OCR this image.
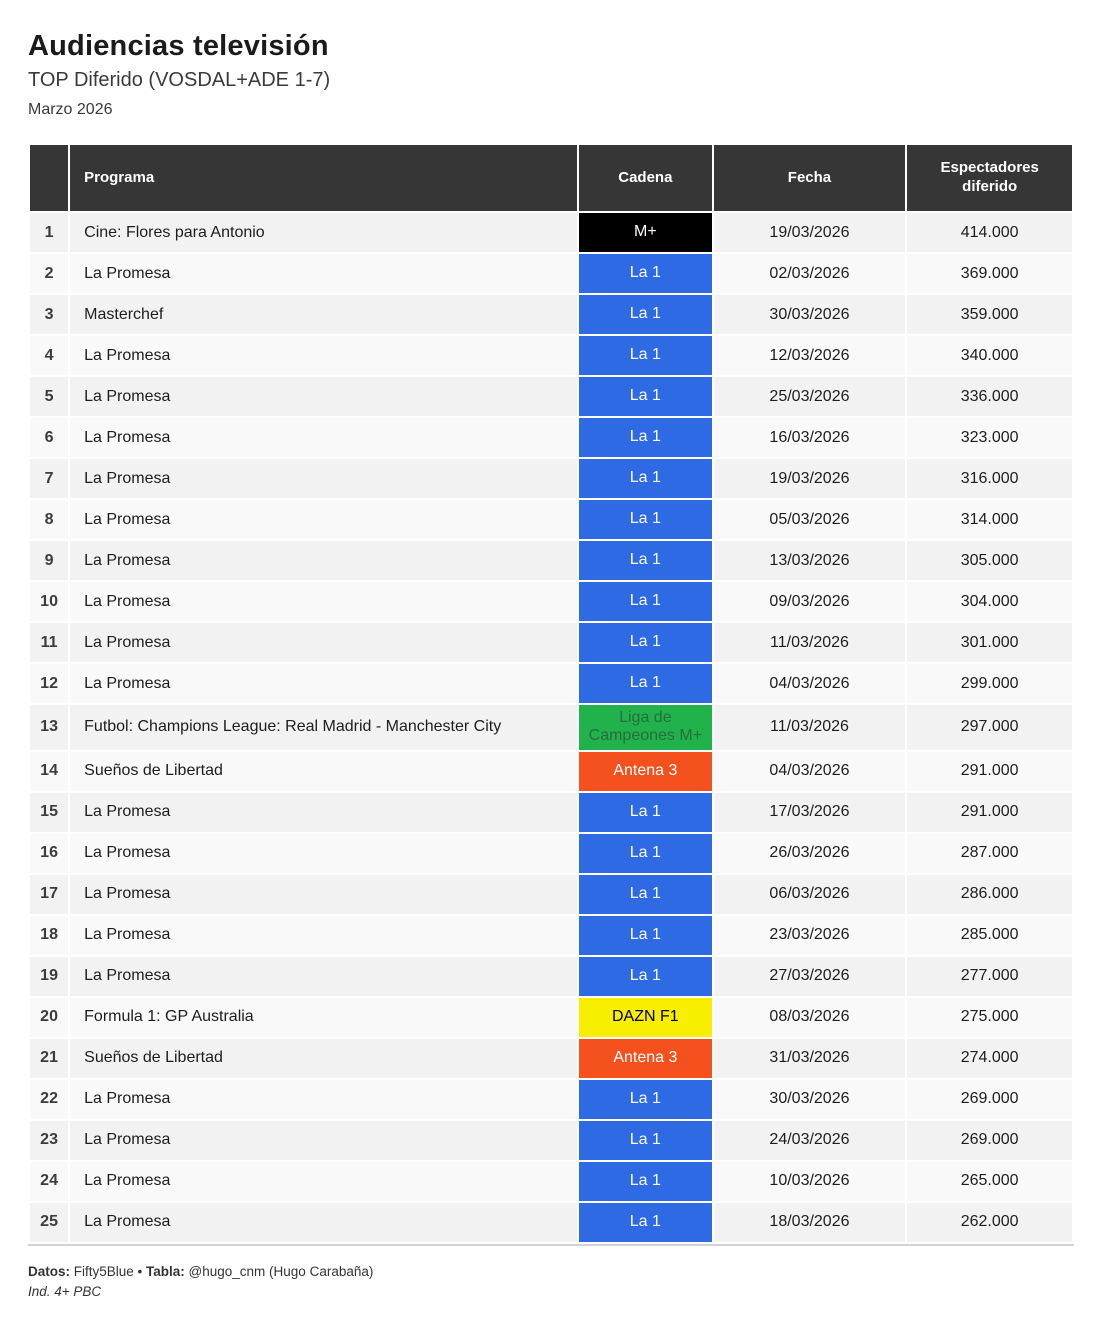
Audiencias televisión
TOP Diferido (VOSDAL+ADE 1-7)
Marzo 2026
	Programa	Cadena	Fecha	Espectadores diferido
1	Cine: Flores para Antonio	M+	19/03/2026	414.000
2	La Promesa	La 1	02/03/2026	369.000
3	Masterchef	La 1	30/03/2026	359.000
4	La Promesa	La 1	12/03/2026	340.000
5	La Promesa	La 1	25/03/2026	336.000
6	La Promesa	La 1	16/03/2026	323.000
7	La Promesa	La 1	19/03/2026	316.000
8	La Promesa	La 1	05/03/2026	314.000
9	La Promesa	La 1	13/03/2026	305.000
10	La Promesa	La 1	09/03/2026	304.000
11	La Promesa	La 1	11/03/2026	301.000
12	La Promesa	La 1	04/03/2026	299.000
13	Futbol: Champions League: Real Madrid - Manchester City	Liga de Campeones M+	11/03/2026	297.000
14	Sueños de Libertad	Antena 3	04/03/2026	291.000
15	La Promesa	La 1	17/03/2026	291.000
16	La Promesa	La 1	26/03/2026	287.000
17	La Promesa	La 1	06/03/2026	286.000
18	La Promesa	La 1	23/03/2026	285.000
19	La Promesa	La 1	27/03/2026	277.000
20	Formula 1: GP Australia	DAZN F1	08/03/2026	275.000
21	Sueños de Libertad	Antena 3	31/03/2026	274.000
22	La Promesa	La 1	30/03/2026	269.000
23	La Promesa	La 1	24/03/2026	269.000
24	La Promesa	La 1	10/03/2026	265.000
25	La Promesa	La 1	18/03/2026	262.000
Datos: Fifty5Blue • Tabla: @hugo_cnm (Hugo Carabaña)
Ind. 4+ PBC
